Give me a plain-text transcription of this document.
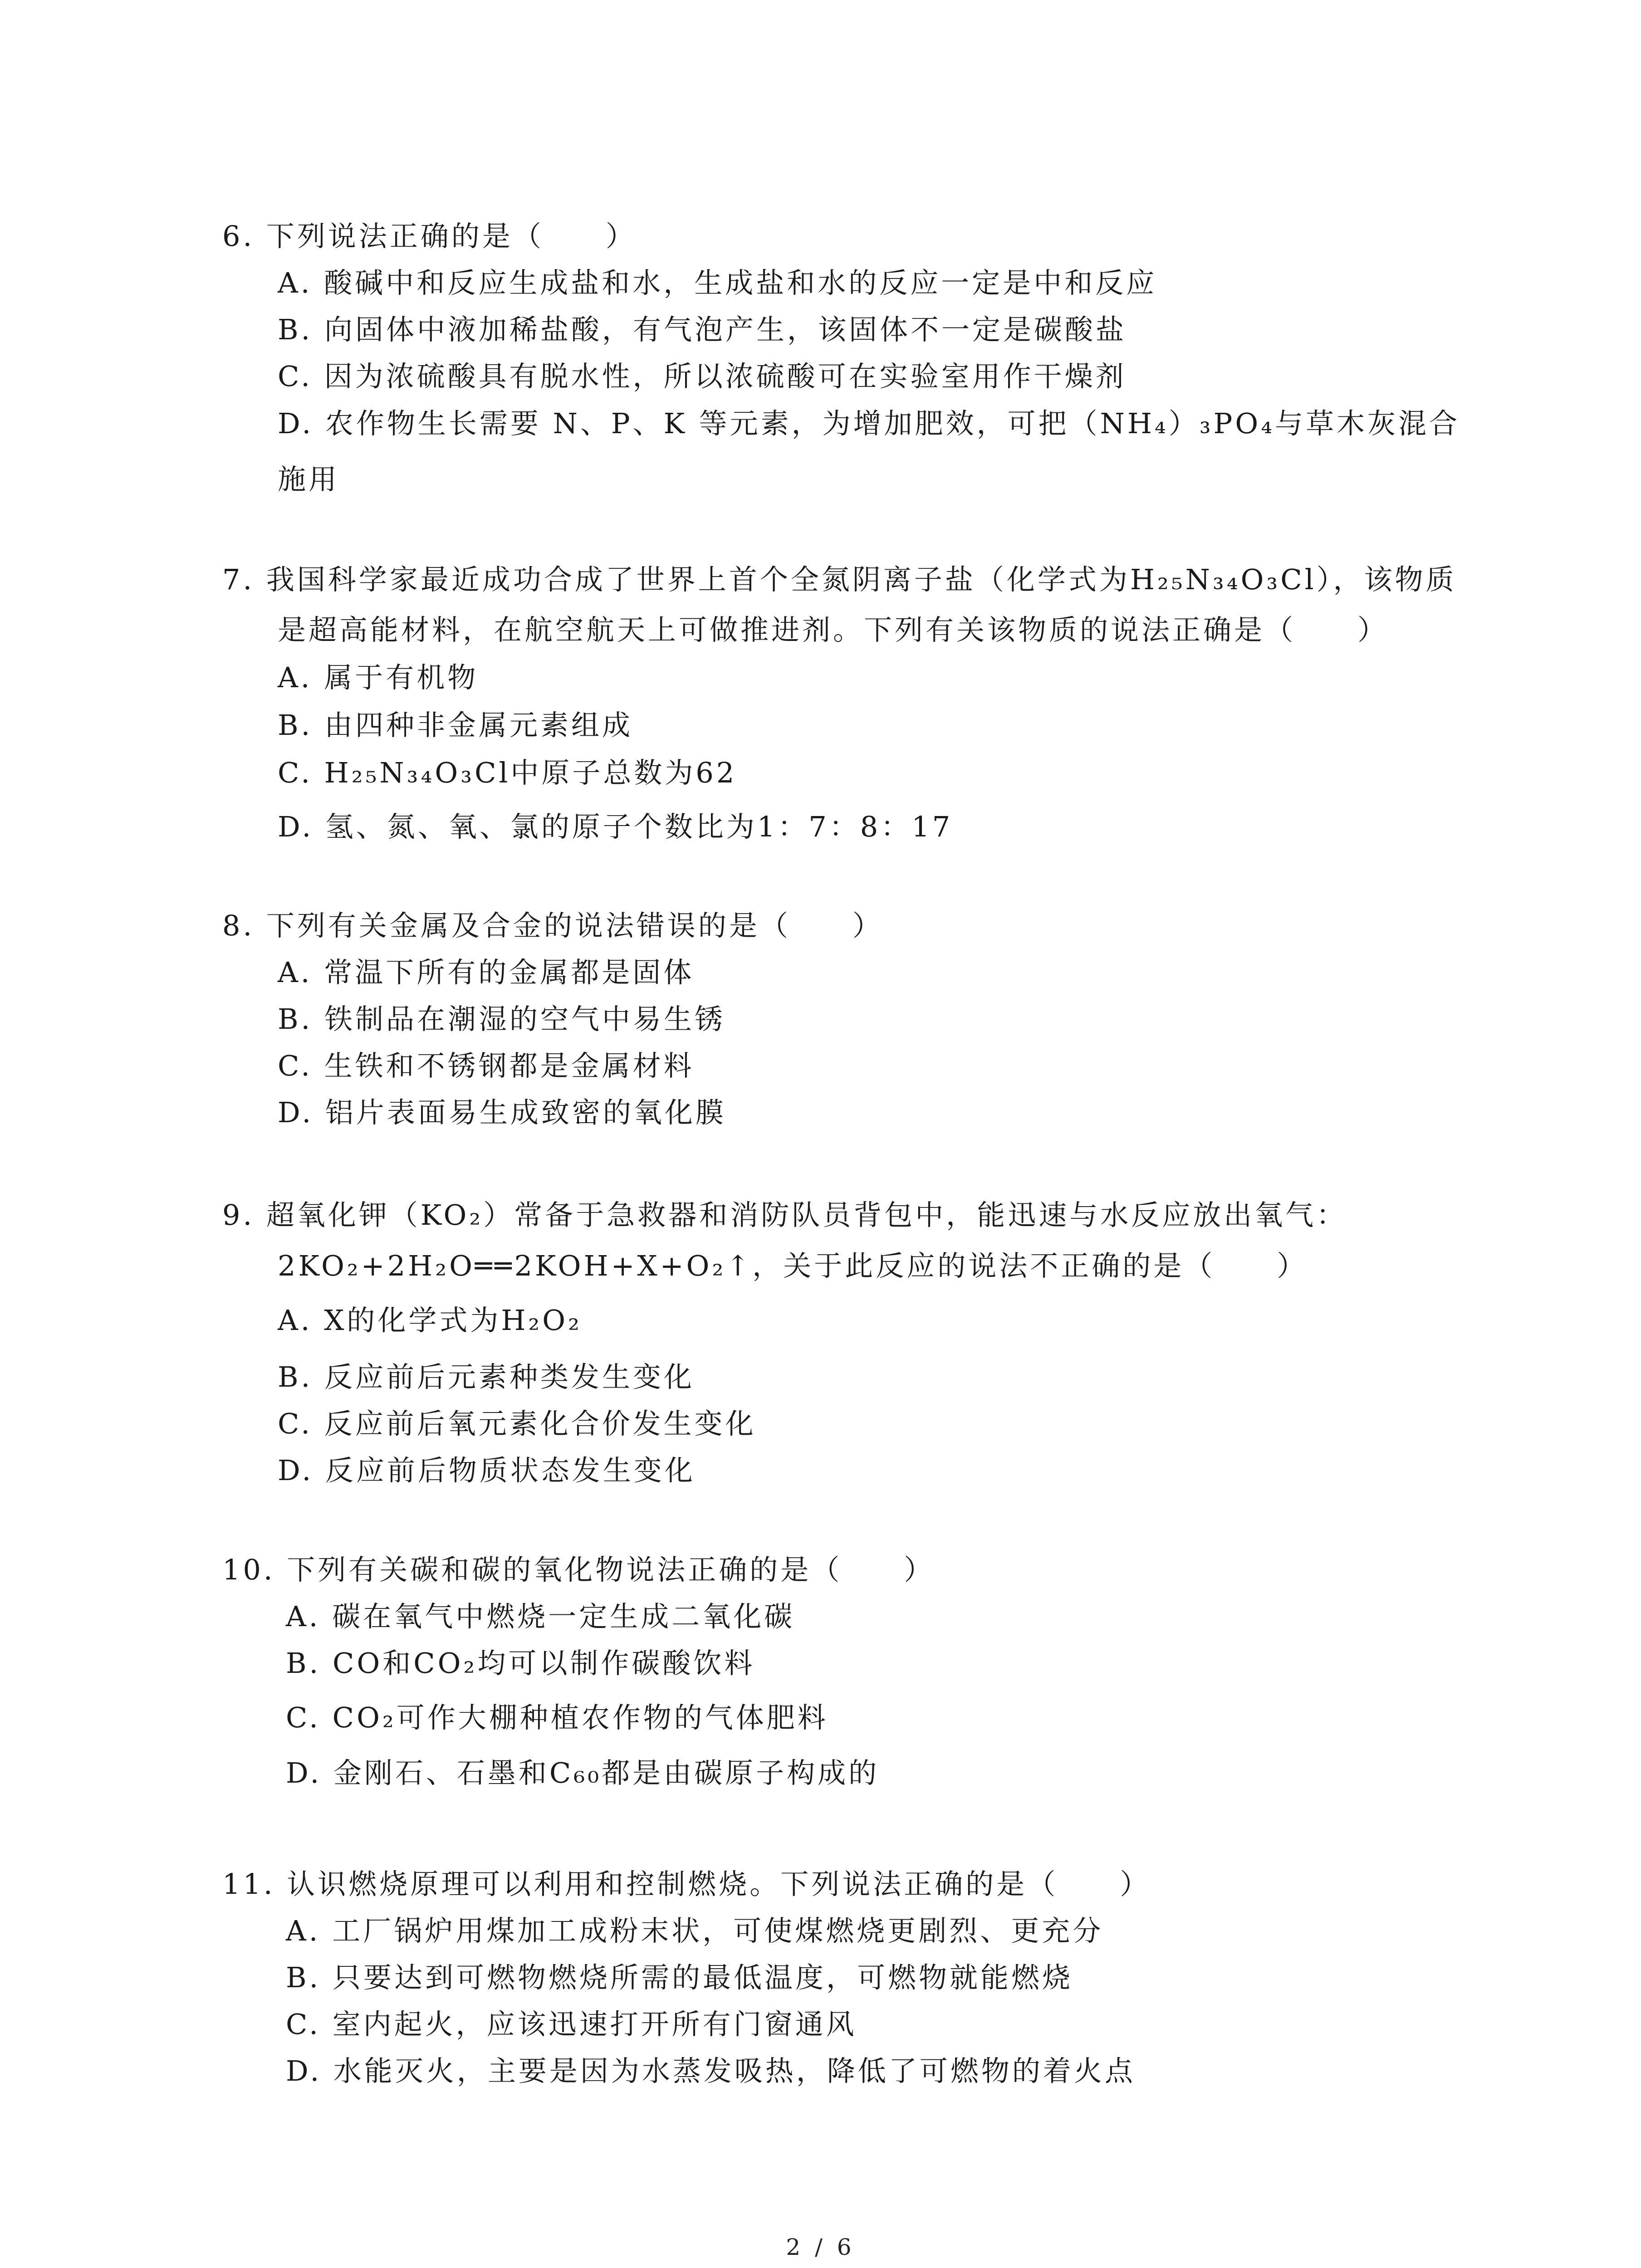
6. 下列说法正确的是（　　）
A. 酸碱中和反应生成盐和水，生成盐和水的反应一定是中和反应
B. 向固体中液加稀盐酸，有气泡产生，该固体不一定是碳酸盐
C. 因为浓硫酸具有脱水性，所以浓硫酸可在实验室用作干燥剂
D. 农作物生长需要 N、P、K 等元素，为增加肥效，可把（NH₄）₃PO₄与草木灰混合
施用
7. 我国科学家最近成功合成了世界上首个全氮阴离子盐（化学式为H₂₅N₃₄O₃Cl），该物质
是超高能材料，在航空航天上可做推进剂。下列有关该物质的说法正确是（　　）
A. 属于有机物
B. 由四种非金属元素组成
C. H₂₅N₃₄O₃Cl中原子总数为62
D. 氢、氮、氧、氯的原子个数比为1：7：8：17
8. 下列有关金属及合金的说法错误的是（　　）
A. 常温下所有的金属都是固体
B. 铁制品在潮湿的空气中易生锈
C. 生铁和不锈钢都是金属材料
D. 铝片表面易生成致密的氧化膜
9. 超氧化钾（KO₂）常备于急救器和消防队员背包中，能迅速与水反应放出氧气：
2KO₂+2H₂O══2KOH+X+O₂↑，关于此反应的说法不正确的是（　　）
A. X的化学式为H₂O₂
B. 反应前后元素种类发生变化
C. 反应前后氧元素化合价发生变化
D. 反应前后物质状态发生变化
10. 下列有关碳和碳的氧化物说法正确的是（　　）
A. 碳在氧气中燃烧一定生成二氧化碳
B. CO和CO₂均可以制作碳酸饮料
C. CO₂可作大棚种植农作物的气体肥料
D. 金刚石、石墨和C₆₀都是由碳原子构成的
11. 认识燃烧原理可以利用和控制燃烧。下列说法正确的是（　　）
A. 工厂锅炉用煤加工成粉末状，可使煤燃烧更剧烈、更充分
B. 只要达到可燃物燃烧所需的最低温度，可燃物就能燃烧
C. 室内起火，应该迅速打开所有门窗通风
D. 水能灭火，主要是因为水蒸发吸热，降低了可燃物的着火点
2 / 6
